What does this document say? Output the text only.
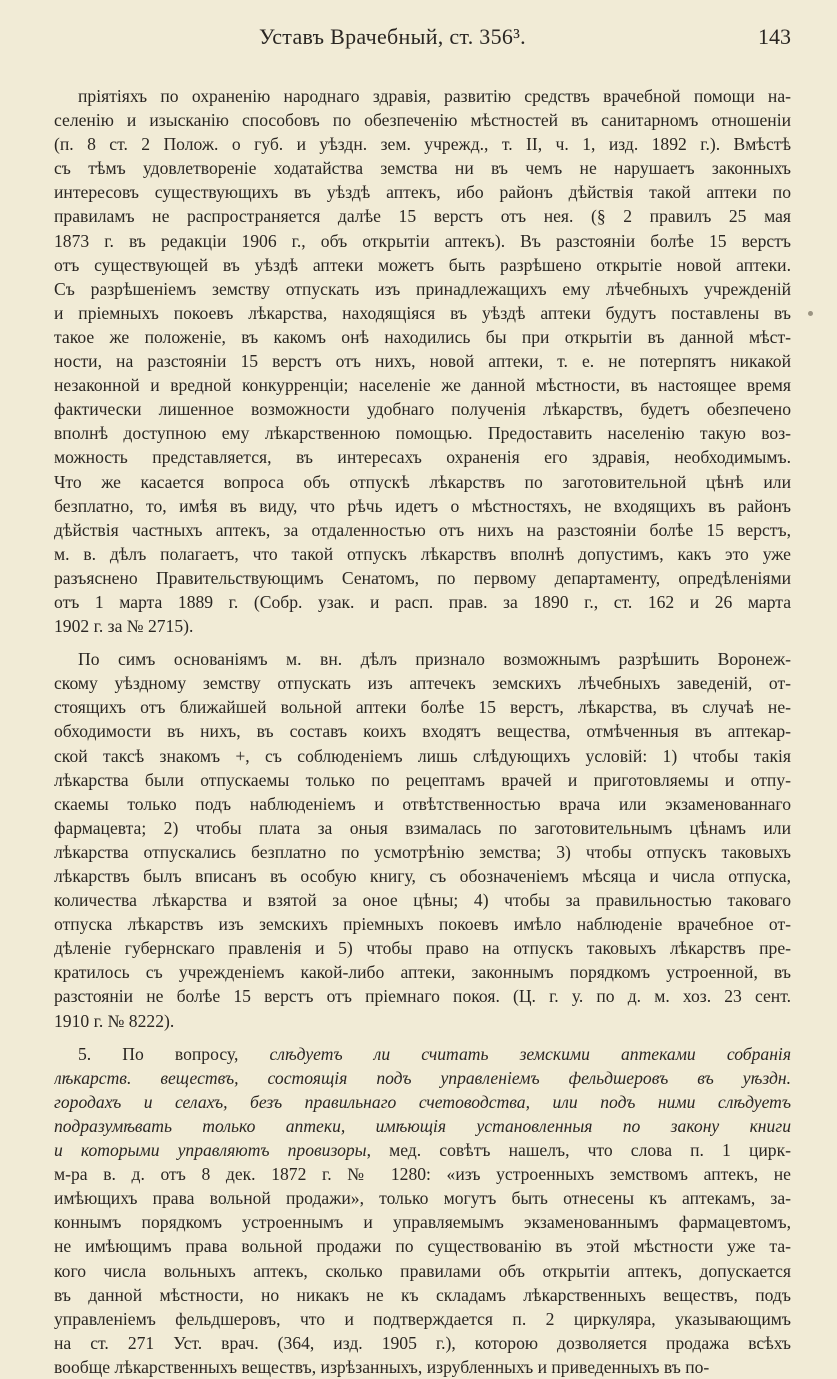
Уставъ Врачебный, ст. 356³.	143
пріятіяхъ по охраненію народнаго здравія, развитію средствъ врачебной помощи на-
селенію и изысканію способовъ по обезпеченію мѣстностей въ санитарномъ отношеніи
(п. 8 ст. 2 Полож. о губ. и уѣздн. зем. учрежд., т. II, ч. 1, изд. 1892 г.). Вмѣстѣ
съ тѣмъ удовлетвореніе ходатайства земства ни въ чемъ не нарушаетъ законныхъ
интересовъ существующихъ въ уѣздѣ аптекъ, ибо районъ дѣйствія такой аптеки по
правиламъ не распространяется далѣе 15 верстъ отъ нея. (§ 2 правилъ 25 мая
1873 г. въ редакціи 1906 г., объ открытіи аптекъ). Въ разстояніи болѣе 15 верстъ
отъ существующей въ уѣздѣ аптеки можетъ быть разрѣшено открытіе новой аптеки.
Съ разрѣшеніемъ земству отпускать изъ принадлежащихъ ему лѣчебныхъ учрежденій
и пріемныхъ покоевъ лѣкарства, находящіяся въ уѣздѣ аптеки будутъ поставлены въ
такое же положеніе, въ какомъ онѣ находились бы при открытіи въ данной мѣст-
ности, на разстояніи 15 верстъ отъ нихъ, новой аптеки, т. е. не потерпятъ никакой
незаконной и вредной конкурренціи; населеніе же данной мѣстности, въ настоящее время
фактически лишенное возможности удобнаго полученія лѣкарствъ, будетъ обезпечено
вполнѣ доступною ему лѣкарственною помощью. Предоставить населенію такую воз-
можность представляется, въ интересахъ охраненія его здравія, необходимымъ.
Что же касается вопроса объ отпускѣ лѣкарствъ по заготовительной цѣнѣ или
безплатно, то, имѣя въ виду, что рѣчь идетъ о мѣстностяхъ, не входящихъ въ районъ
дѣйствія частныхъ аптекъ, за отдаленностью отъ нихъ на разстояніи болѣе 15 верстъ,
м. в. дѣлъ полагаетъ, что такой отпускъ лѣкарствъ вполнѣ допустимъ, какъ это уже
разъяснено Правительствующимъ Сенатомъ, по первому департаменту, опредѣленіями
отъ 1 марта 1889 г. (Собр. узак. и расп. прав. за 1890 г., ст. 162 и 26 марта
1902 г. за № 2715).
По симъ основаніямъ м. вн. дѣлъ признало возможнымъ разрѣшить Воронеж-
скому уѣздному земству отпускать изъ аптечекъ земскихъ лѣчебныхъ заведеній, от-
стоящихъ отъ ближайшей вольной аптеки болѣе 15 верстъ, лѣкарства, въ случаѣ не-
обходимости въ нихъ, въ составъ коихъ входятъ вещества, отмѣченныя въ аптекар-
ской таксѣ знакомъ +, съ соблюденіемъ лишь слѣдующихъ условій: 1) чтобы такія
лѣкарства были отпускаемы только по рецептамъ врачей и приготовляемы и отпу-
скаемы только подъ наблюденіемъ и отвѣтственностью врача или экзаменованнаго
фармацевта; 2) чтобы плата за оныя взималась по заготовительнымъ цѣнамъ или
лѣкарства отпускались безплатно по усмотрѣнію земства; 3) чтобы отпускъ таковыхъ
лѣкарствъ былъ вписанъ въ особую книгу, съ обозначеніемъ мѣсяца и числа отпуска,
количества лѣкарства и взятой за оное цѣны; 4) чтобы за правильностью таковаго
отпуска лѣкарствъ изъ земскихъ пріемныхъ покоевъ имѣло наблюденіе врачебное от-
дѣленіе губернскаго правленія и 5) чтобы право на отпускъ таковыхъ лѣкарствъ пре-
кратилось съ учрежденіемъ какой-либо аптеки, законнымъ порядкомъ устроенной, въ
разстояніи не болѣе 15 верстъ отъ пріемнаго покоя. (Ц. г. у. по д. м. хоз. 23 сент.
1910 г. № 8222).
5. По вопросу, слѣдуетъ ли считать земскими аптеками собранія
лѣкарств. веществъ, состоящія подъ управленіемъ фельдшеровъ въ уѣздн.
городахъ и селахъ, безъ правильнаго счетоводства, или подъ ними слѣдуетъ
подразумѣвать только аптеки, имѣющія установленныя по закону книги
и которыми управляютъ провизоры, мед. совѣтъ нашелъ, что слова п. 1 цирк-
м-ра в. д. отъ 8 дек. 1872 г. № 1280: «изъ устроенныхъ земствомъ аптекъ, не
имѣющихъ права вольной продажи», только могутъ быть отнесены къ аптекамъ, за-
коннымъ порядкомъ устроеннымъ и управляемымъ экзаменованнымъ фармацевтомъ,
не имѣющимъ права вольной продажи по существованію въ этой мѣстности уже та-
кого числа вольныхъ аптекъ, сколько правилами объ открытіи аптекъ, допускается
въ данной мѣстности, но никакъ не къ складамъ лѣкарственныхъ веществъ, подъ
управленіемъ фельдшеровъ, что и подтверждается п. 2 циркуляра, указывающимъ
на ст. 271 Уст. врач. (364, изд. 1905 г.), которою дозволяется продажа всѣхъ
вообще лѣкарственныхъ веществъ, изрѣзанныхъ, изрубленныхъ и приведенныхъ въ по-
